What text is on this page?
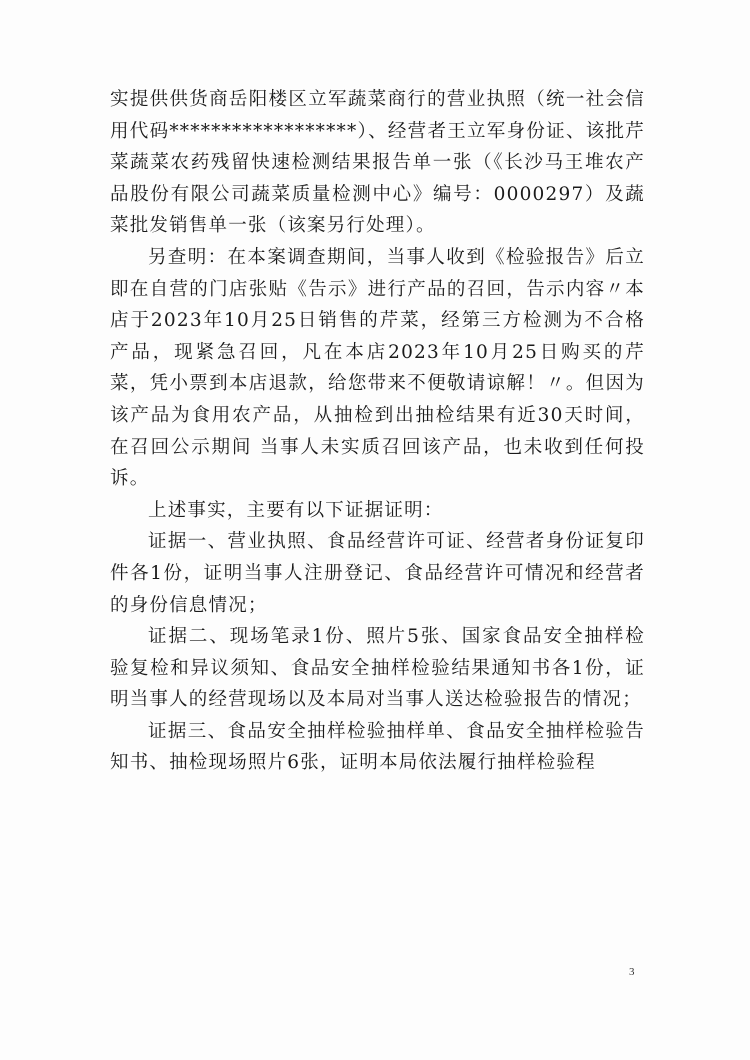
实提供供货商岳阳楼区立军蔬菜商行的营业执照（统一社会信用代码******************）、经营者王立军身份证、该批芹菜蔬菜农药残留快速检测结果报告单一张（《长沙马王堆农产品股份有限公司蔬菜质量检测中心》编号：0000297）及蔬菜批发销售单一张（该案另行处理）。

另查明：在本案调查期间，当事人收到《检验报告》后立即在自营的门店张贴《告示》进行产品的召回，告示内容〃本店于2023年10月25日销售的芹菜，经第三方检测为不合格产品，现紧急召回，凡在本店2023年10月25日购买的芹菜，凭小票到本店退款，给您带来不便敬请谅解！〃。但因为该产品为食用农产品，从抽检到出抽检结果有近30天时间，在召回公示期间 当事人未实质召回该产品，也未收到任何投诉。

上述事实，主要有以下证据证明：

证据一、营业执照、食品经营许可证、经营者身份证复印件各1份，证明当事人注册登记、食品经营许可情况和经营者的身份信息情况；

证据二、现场笔录1份、照片5张、国家食品安全抽样检验复检和异议须知、食品安全抽样检验结果通知书各1份，证明当事人的经营现场以及本局对当事人送达检验报告的情况；

证据三、食品安全抽样检验抽样单、食品安全抽样检验告知书、抽检现场照片6张，证明本局依法履行抽样检验程

3
